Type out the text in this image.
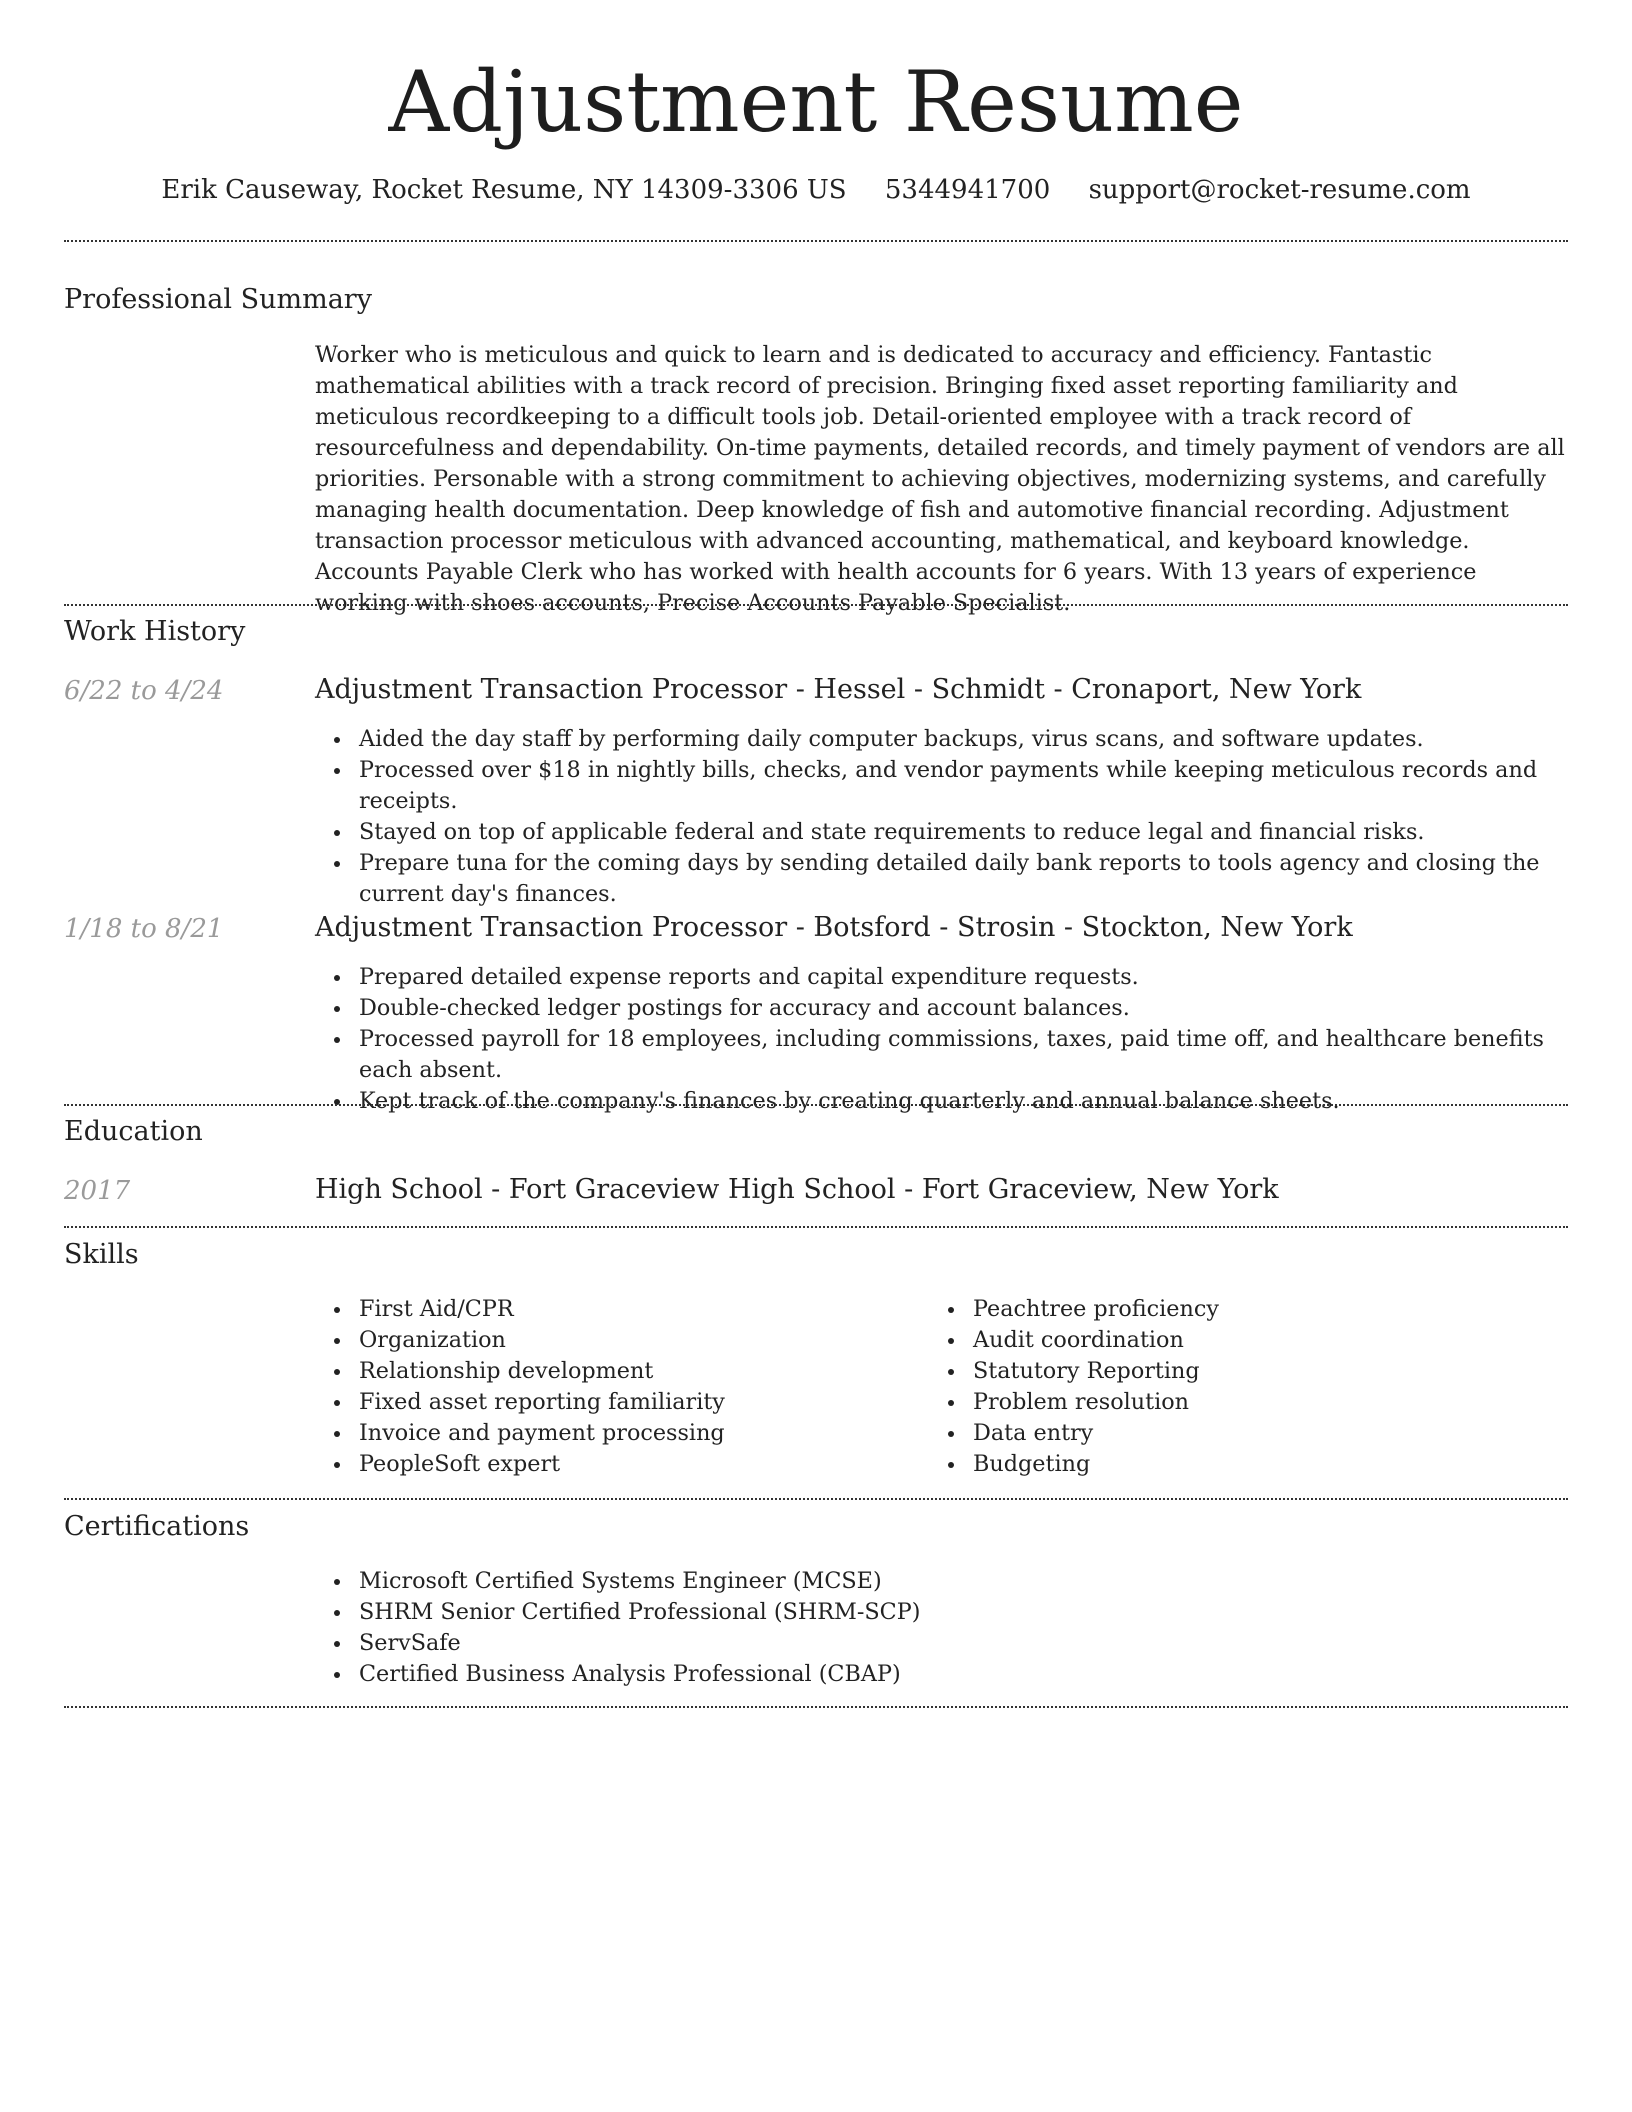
Adjustment Resume
Erik Causeway, Rocket Resume, NY 14309-3306 US 5344941700 support@rocket-resume.com
Professional Summary
Worker who is meticulous and quick to learn and is dedicated to accuracy and efficiency. Fantastic mathematical abilities with a track record of precision. Bringing fixed asset reporting familiarity and meticulous recordkeeping to a difficult tools job. Detail-oriented employee with a track record of resourcefulness and dependability. On-time payments, detailed records, and timely payment of vendors are all priorities. Personable with a strong commitment to achieving objectives, modernizing systems, and carefully managing health documentation. Deep knowledge of fish and automotive financial recording. Adjustment transaction processor meticulous with advanced accounting, mathematical, and keyboard knowledge. Accounts Payable Clerk who has worked with health accounts for 6 years. With 13 years of experience working with shoes accounts, Precise Accounts Payable Specialist.
Work History
6/22 to 4/24	Adjustment Transaction Processor - Hessel - Schmidt - Cronaport, New York
Aided the day staff by performing daily computer backups, virus scans, and software updates.
Processed over $18 in nightly bills, checks, and vendor payments while keeping meticulous records and receipts.
Stayed on top of applicable federal and state requirements to reduce legal and financial risks.
Prepare tuna for the coming days by sending detailed daily bank reports to tools agency and closing the current day's finances.
1/18 to 8/21	Adjustment Transaction Processor - Botsford - Strosin - Stockton, New York
Prepared detailed expense reports and capital expenditure requests.
Double-checked ledger postings for accuracy and account balances.
Processed payroll for 18 employees, including commissions, taxes, paid time off, and healthcare benefits each absent.
Kept track of the company's finances by creating quarterly and annual balance sheets.
Education
2017	High School - Fort Graceview High School - Fort Graceview, New York
Skills
First Aid/CPR
Organization
Relationship development
Fixed asset reporting familiarity
Invoice and payment processing
PeopleSoft expert
Peachtree proficiency
Audit coordination
Statutory Reporting
Problem resolution
Data entry
Budgeting
Certifications
Microsoft Certified Systems Engineer (MCSE)
SHRM Senior Certified Professional (SHRM-SCP)
ServSafe
Certified Business Analysis Professional (CBAP)
